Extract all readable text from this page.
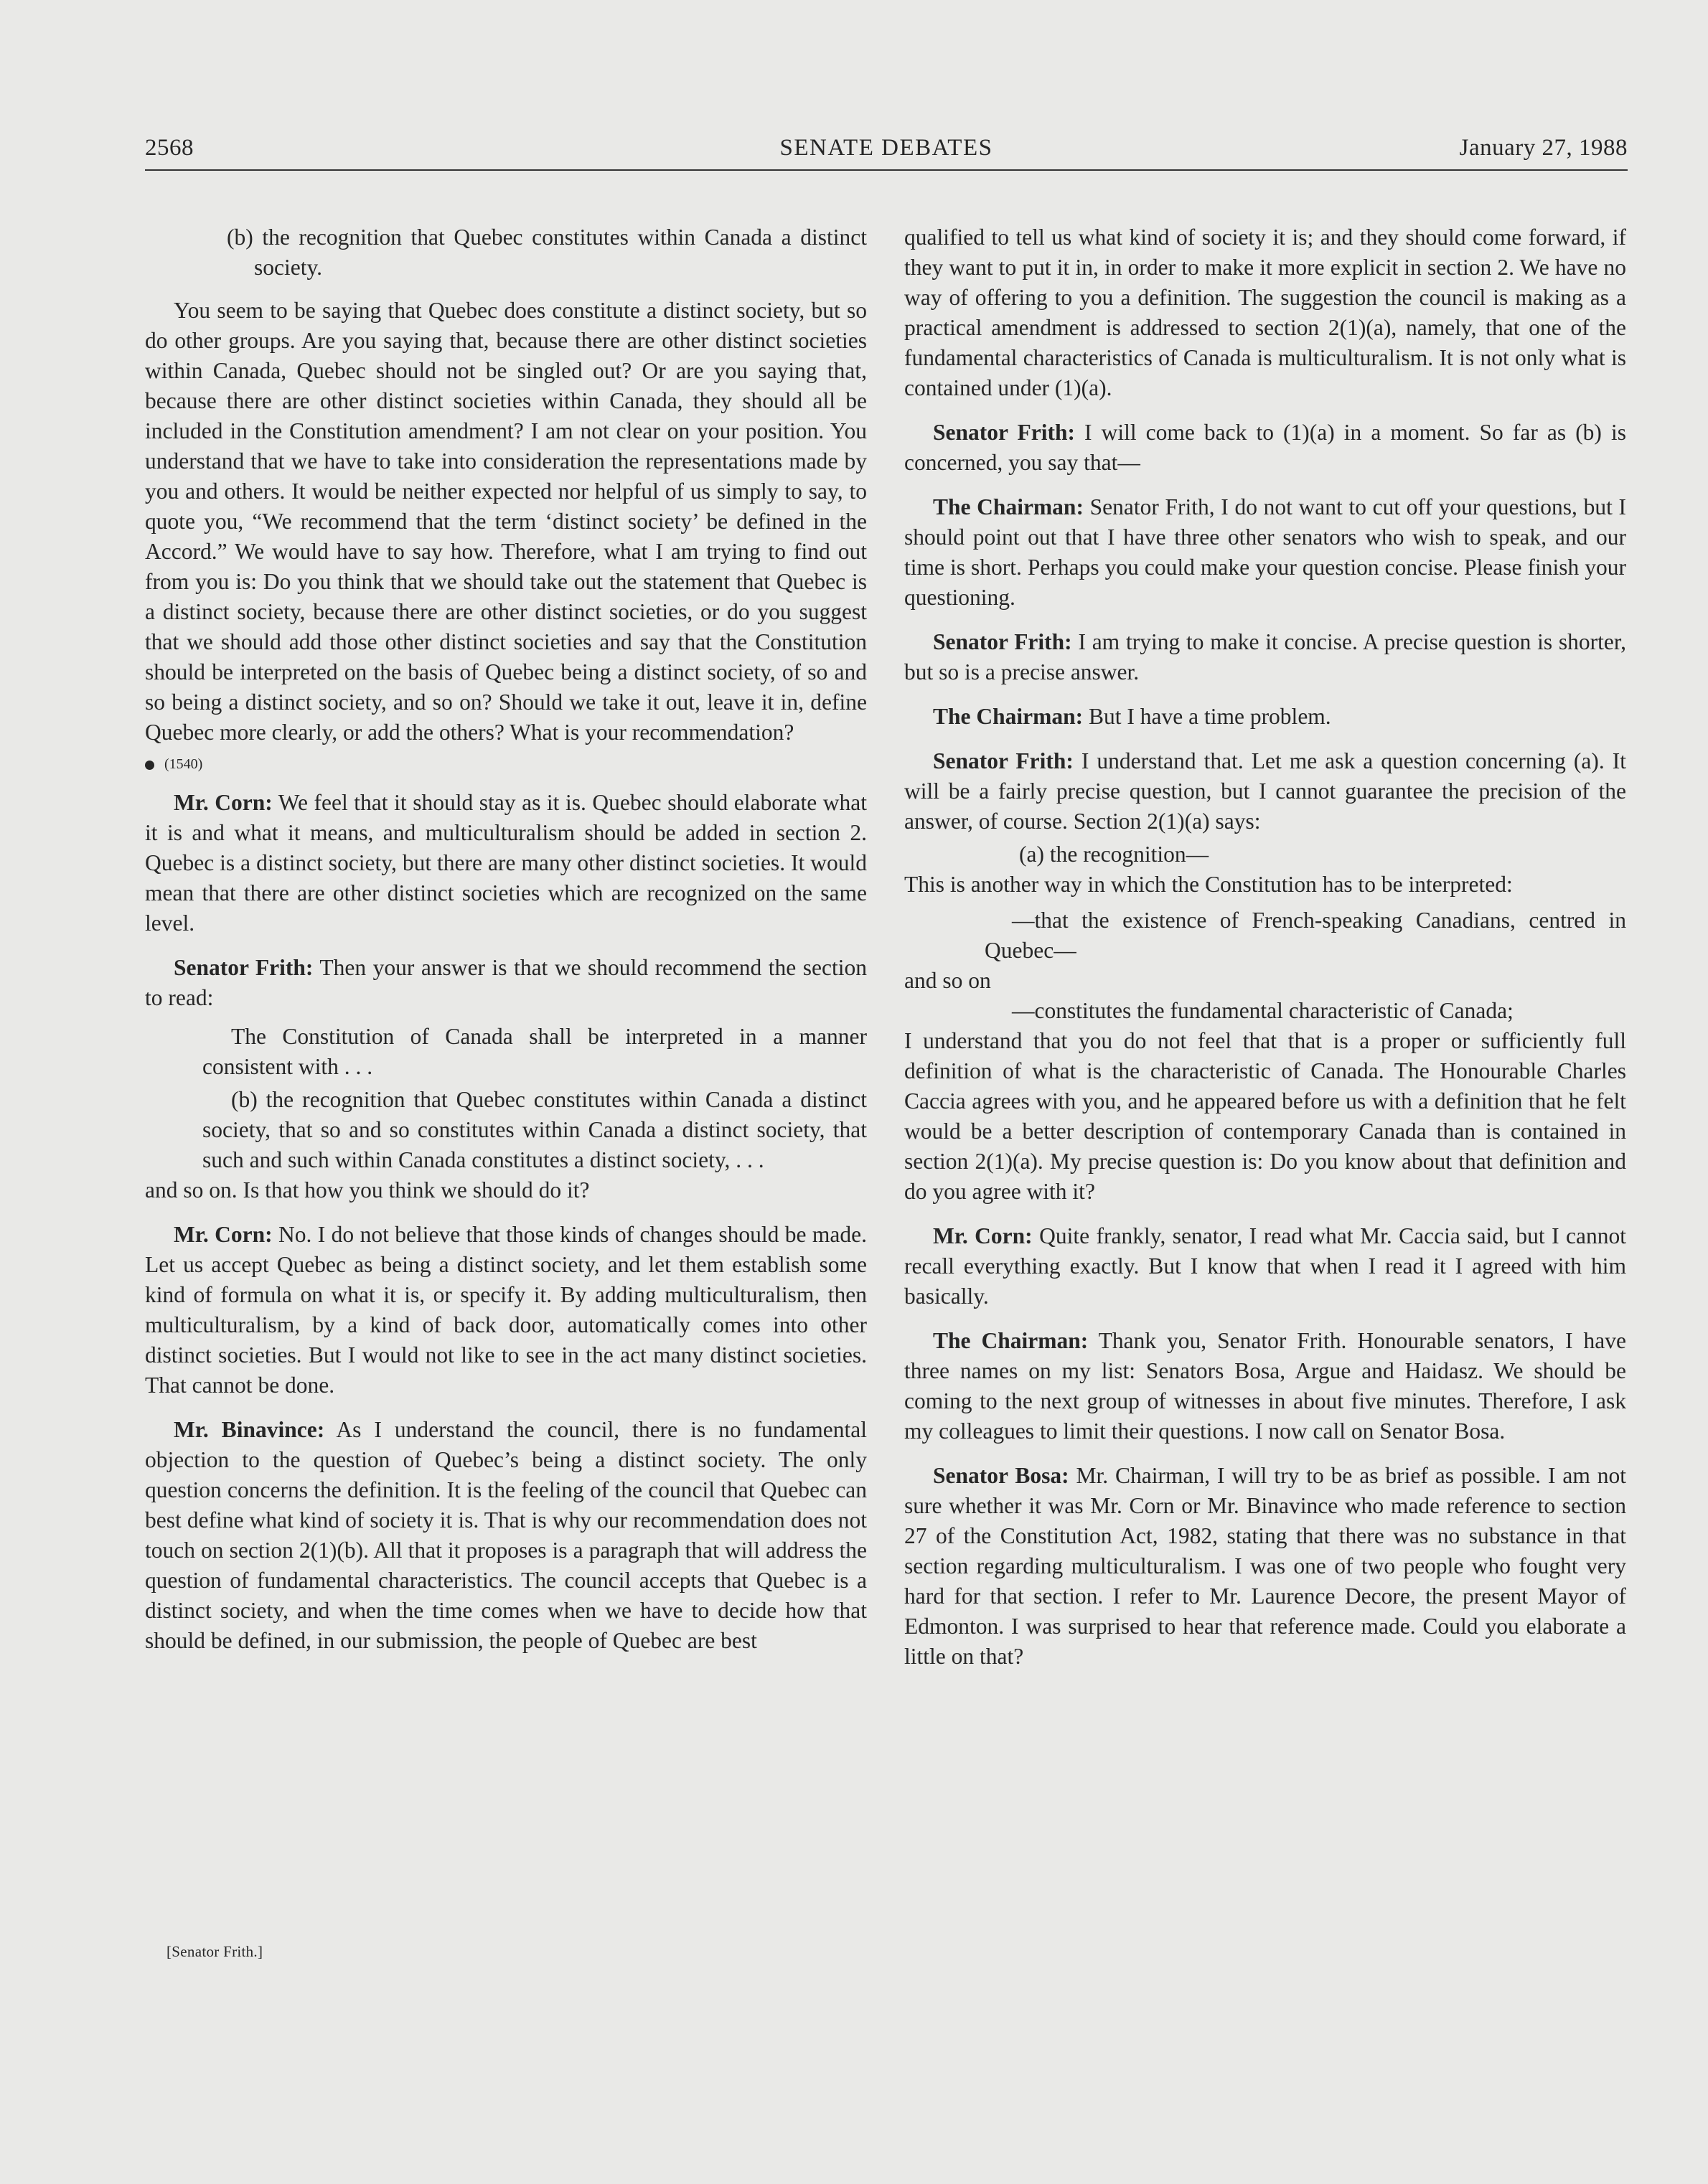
2568	SENATE DEBATES	January 27, 1988

(b) the recognition that Quebec constitutes within Canada a distinct society.

You seem to be saying that Quebec does constitute a distinct society, but so do other groups. Are you saying that, because there are other distinct societies within Canada, Quebec should not be singled out? Or are you saying that, because there are other distinct societies within Canada, they should all be included in the Constitution amendment? I am not clear on your position. You understand that we have to take into consideration the representations made by you and others. It would be neither expected nor helpful of us simply to say, to quote you, “We recommend that the term ‘distinct society’ be defined in the Accord.” We would have to say how. Therefore, what I am trying to find out from you is: Do you think that we should take out the statement that Quebec is a distinct society, because there are other distinct societies, or do you suggest that we should add those other distinct societies and say that the Constitution should be interpreted on the basis of Quebec being a distinct society, of so and so being a distinct society, and so on? Should we take it out, leave it in, define Quebec more clearly, or add the others? What is your recommendation?

(1540)

Mr. Corn: We feel that it should stay as it is. Quebec should elaborate what it is and what it means, and multiculturalism should be added in section 2. Quebec is a distinct society, but there are many other distinct societies. It would mean that there are other distinct societies which are recognized on the same level.

Senator Frith: Then your answer is that we should recommend the section to read:

The Constitution of Canada shall be interpreted in a manner consistent with . . .

(b) the recognition that Quebec constitutes within Canada a distinct society, that so and so constitutes within Canada a distinct society, that such and such within Canada constitutes a distinct society, . . .

and so on. Is that how you think we should do it?

Mr. Corn: No. I do not believe that those kinds of changes should be made. Let us accept Quebec as being a distinct society, and let them establish some kind of formula on what it is, or specify it. By adding multiculturalism, then multiculturalism, by a kind of back door, automatically comes into other distinct societies. But I would not like to see in the act many distinct societies. That cannot be done.

Mr. Binavince: As I understand the council, there is no fundamental objection to the question of Quebec’s being a distinct society. The only question concerns the definition. It is the feeling of the council that Quebec can best define what kind of society it is. That is why our recommendation does not touch on section 2(1)(b). All that it proposes is a paragraph that will address the question of fundamental characteristics. The council accepts that Quebec is a distinct society, and when the time comes when we have to decide how that should be defined, in our submission, the people of Quebec are best

qualified to tell us what kind of society it is; and they should come forward, if they want to put it in, in order to make it more explicit in section 2. We have no way of offering to you a definition. The suggestion the council is making as a practical amendment is addressed to section 2(1)(a), namely, that one of the fundamental characteristics of Canada is multiculturalism. It is not only what is contained under (1)(a).

Senator Frith: I will come back to (1)(a) in a moment. So far as (b) is concerned, you say that—

The Chairman: Senator Frith, I do not want to cut off your questions, but I should point out that I have three other senators who wish to speak, and our time is short. Perhaps you could make your question concise. Please finish your questioning.

Senator Frith: I am trying to make it concise. A precise question is shorter, but so is a precise answer.

The Chairman: But I have a time problem.

Senator Frith: I understand that. Let me ask a question concerning (a). It will be a fairly precise question, but I cannot guarantee the precision of the answer, of course. Section 2(1)(a) says:

(a) the recognition—

This is another way in which the Constitution has to be interpreted:

—that the existence of French-speaking Canadians, centred in Quebec—

and so on

—constitutes the fundamental characteristic of Canada;

I understand that you do not feel that that is a proper or sufficiently full definition of what is the characteristic of Canada. The Honourable Charles Caccia agrees with you, and he appeared before us with a definition that he felt would be a better description of contemporary Canada than is contained in section 2(1)(a). My precise question is: Do you know about that definition and do you agree with it?

Mr. Corn: Quite frankly, senator, I read what Mr. Caccia said, but I cannot recall everything exactly. But I know that when I read it I agreed with him basically.

The Chairman: Thank you, Senator Frith. Honourable senators, I have three names on my list: Senators Bosa, Argue and Haidasz. We should be coming to the next group of witnesses in about five minutes. Therefore, I ask my colleagues to limit their questions. I now call on Senator Bosa.

Senator Bosa: Mr. Chairman, I will try to be as brief as possible. I am not sure whether it was Mr. Corn or Mr. Binavince who made reference to section 27 of the Constitution Act, 1982, stating that there was no substance in that section regarding multiculturalism. I was one of two people who fought very hard for that section. I refer to Mr. Laurence Decore, the present Mayor of Edmonton. I was surprised to hear that reference made. Could you elaborate a little on that?

[Senator Frith.]
